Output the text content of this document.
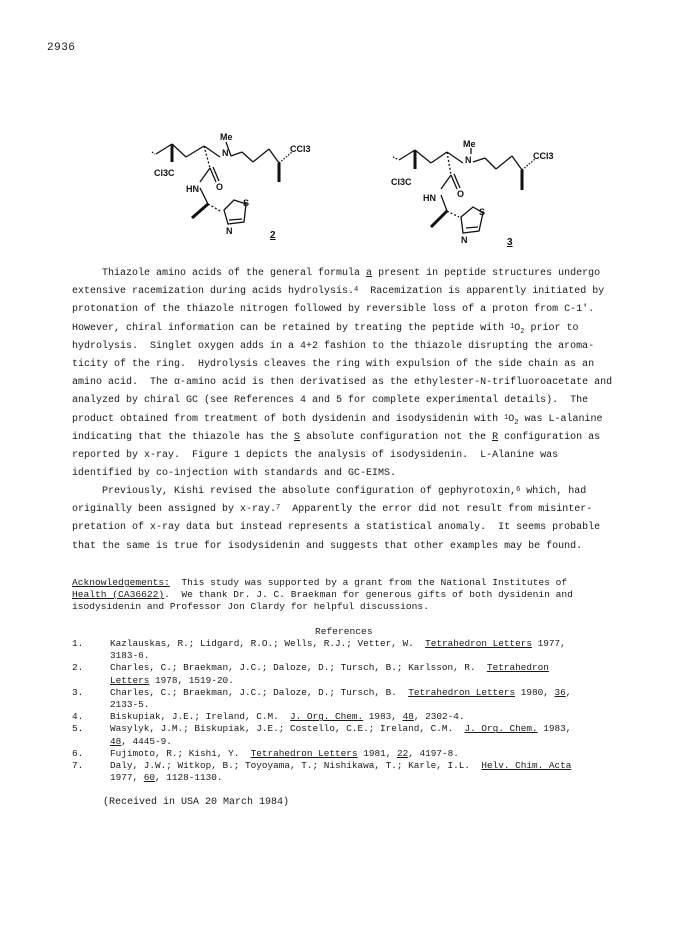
2936
Me
N	CCl3
Cl3C
HN O
S
N	2
Me
N	CCl3
Cl3C
HN O
S
N	3
Thiazole amino acids of the general formula a present in peptide structures undergo
extensive racemization during acids hydrolysis.$^4$  Racemization is apparently initiated by
protonation of the thiazole nitrogen followed by reversible loss of a proton from C-1'.
However, chiral information can be retained by treating the peptide with $^1O_2$ prior to
hydrolysis.  Singlet oxygen adds in a 4+2 fashion to the thiazole disrupting the aroma-
ticity of the ring.  Hydrolysis cleaves the ring with expulsion of the side chain as an
amino acid.  The α-amino acid is then derivatised as the ethylester-N-trifluoroacetate and
analyzed by chiral GC (see References 4 and 5 for complete experimental details).  The
product obtained from treatment of both dysidenin and isodysidenin with $^1O_2$ was L-alanine
indicating that the thiazole has the S absolute configuration not the R configuration as
reported by x-ray.  Figure 1 depicts the analysis of isodysidenin.  L-Alanine was
identified by co-injection with standards and GC-EIMS.
Previously, Kishi revised the absolute configuration of gephyrotoxin,$^6$ which, had
originally been assigned by x-ray.$^7$  Apparently the error did not result from misinter-
pretation of x-ray data but instead represents a statistical anomaly.  It seems probable
that the same is true for isodysidenin and suggests that other examples may be found.
Acknowledgements:  This study was supported by a grant from the National Institutes of
Health (CA36622).  We thank Dr. J. C. Braekman for generous gifts of both dysidenin and
isodysidenin and Professor Jon Clardy for helpful discussions.
References
1.	Kazlauskas, R.; Lidgard, R.O.; Wells, R.J.; Vetter, W.  Tetrahedron Letters 1977,
3183-6.
2.	Charles, C.; Braekman, J.C.; Daloze, D.; Tursch, B.; Karlsson, R.  Tetrahedron
Letters 1978, 1519-20.
3.	Charles, C.; Braekman, J.C.; Daloze, D.; Tursch, B.  Tetrahedron Letters 1980, 36,
2133-5.
4.	Biskupiak, J.E.; Ireland, C.M.  J. Org. Chem. 1983, 48, 2302-4.
5.	Wasylyk, J.M.; Biskupiak, J.E.; Costello, C.E.; Ireland, C.M.  J. Org. Chem. 1983,
48, 4445-9.
6.	Fujimoto, R.; Kishi, Y.  Tetrahedron Letters 1981, 22, 4197-8.
7.	Daly, J.W.; Witkop, B.; Toyoyama, T.; Nishikawa, T.; Karle, I.L.  Helv. Chim. Acta
1977, 60, 1128-1130.
(Received in USA 20 March 1984)
